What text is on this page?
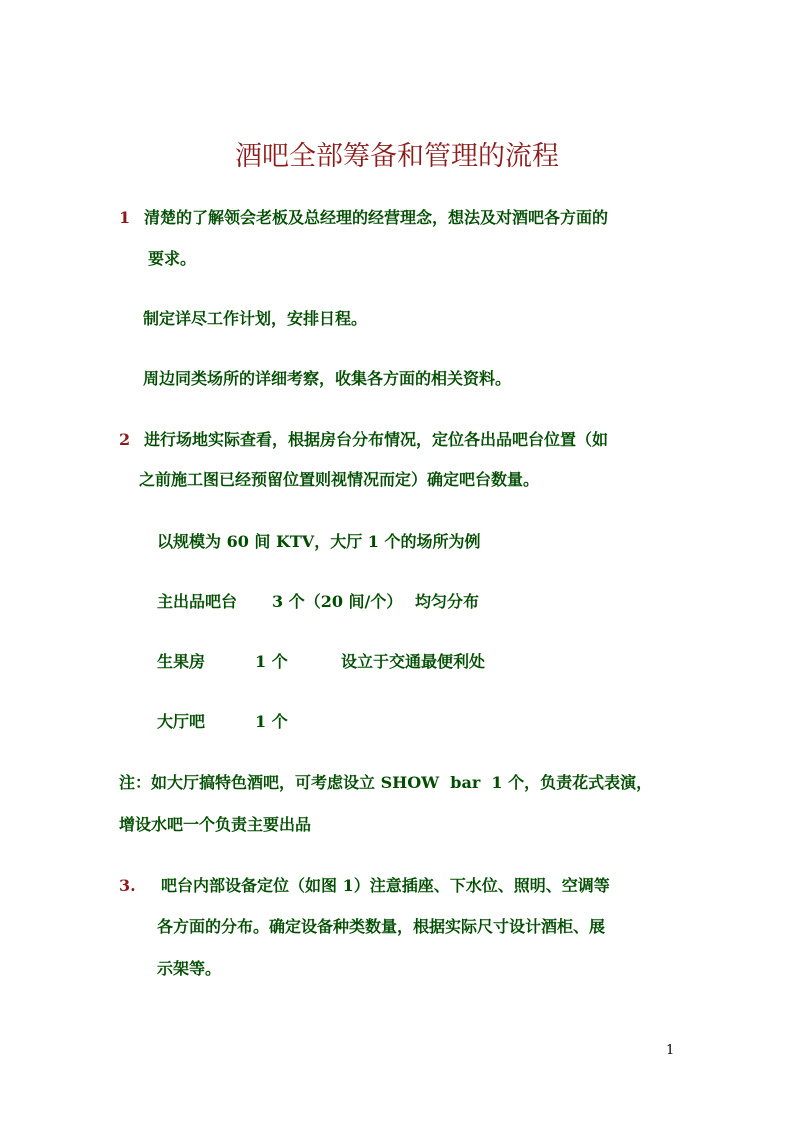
酒吧全部筹备和管理的流程
1 清楚的了解领会老板及总经理的经营理念，想法及对酒吧各方面的
要求。
制定详尽工作计划，安排日程。
周边同类场所的详细考察，收集各方面的相关资料。
2 进行场地实际查看，根据房台分布情况，定位各出品吧台位置（如
之前施工图已经预留位置则视情况而定）确定吧台数量。
以规模为 60 间 KTV，大厅 1 个的场所为例
主出品吧台 3 个（20 间/个） 均匀分布
生果房	1 个	设立于交通最便利处
大厅吧	1 个
注：如大厅搞特色酒吧，可考虑设立 SHOW  bar  1 个，负责花式表演，
增设水吧一个负责主要出品
3. 吧台内部设备定位（如图 1）注意插座、下水位、照明、空调等
各方面的分布。确定设备种类数量，根据实际尺寸设计酒柜、展
示架等。
1
